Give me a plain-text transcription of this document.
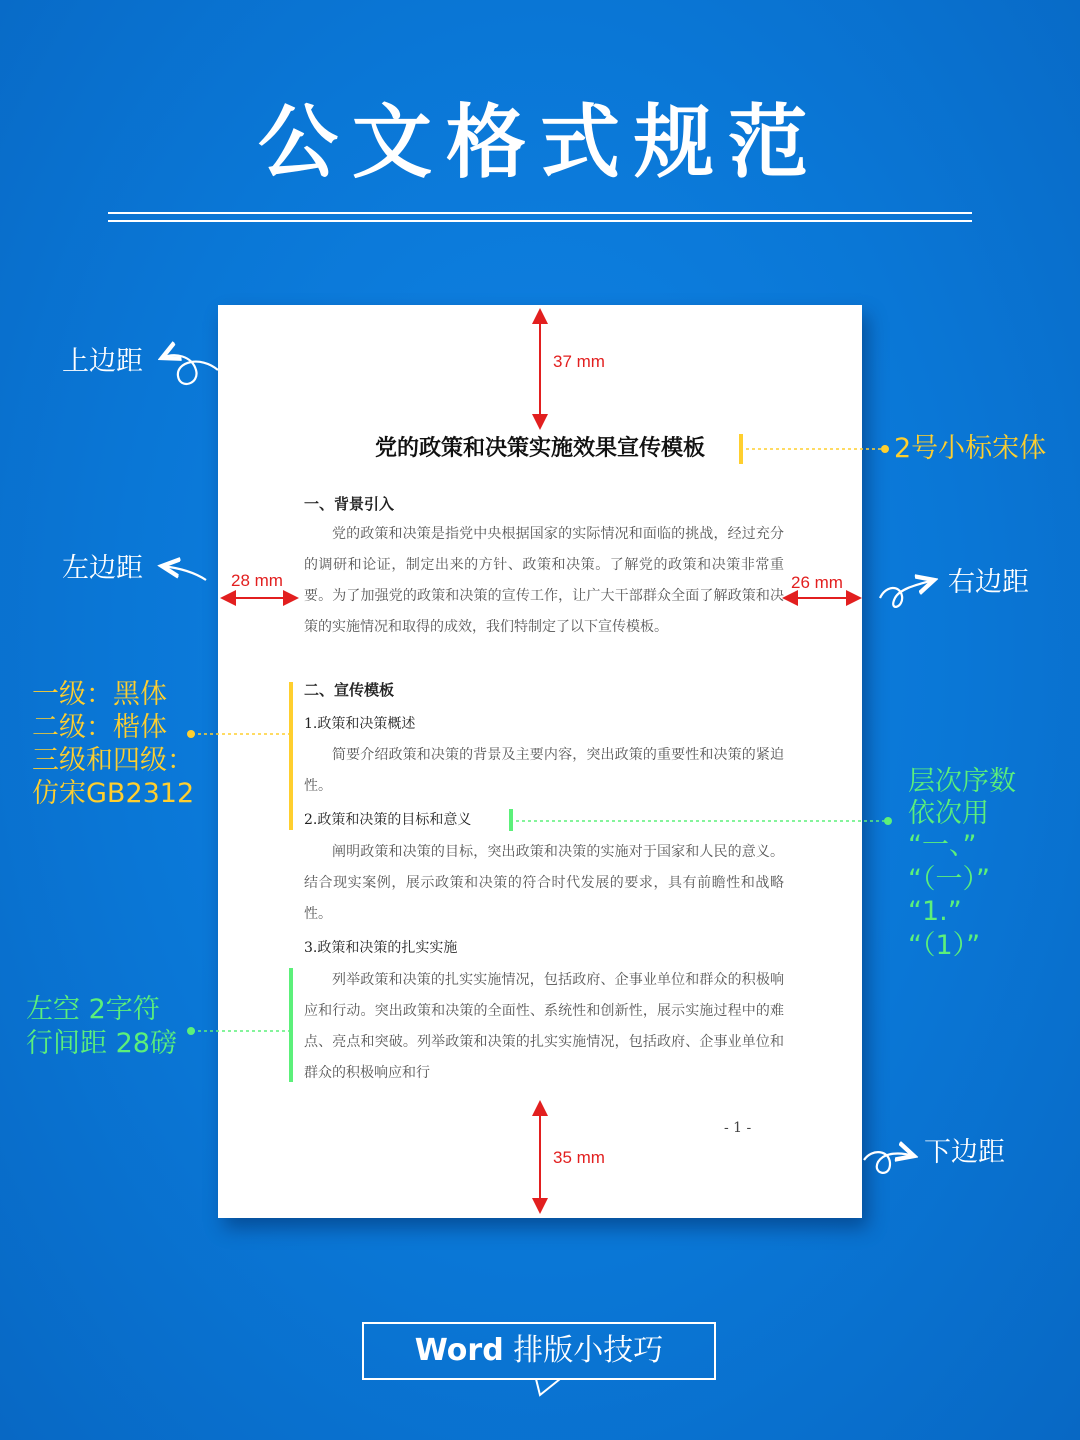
公文格式规范
党的政策和决策实施效果宣传模板
一、背景引入

党的政策和决策是指党中央根据国家的实际情况和面临的挑战，经过充分的调研和论证，制定出来的方针、政策和决策。了解党的政策和决策非常重要。为了加强党的政策和决策的宣传工作，让广大干部群众全面了解政策和决策的实施情况和取得的成效，我们特制定了以下宣传模板。

二、宣传模板
1.政策和决策概述

简要介绍政策和决策的背景及主要内容，突出政策的重要性和决策的紧迫性。

2.政策和决策的目标和意义

阐明政策和决策的目标，突出政策和决策的实施对于国家和人民的意义。结合现实案例，展示政策和决策的符合时代发展的要求，具有前瞻性和战略性。

3.政策和决策的扎实实施

列举政策和决策的扎实实施情况，包括政府、企事业单位和群众的积极响应和行动。突出政策和决策的全面性、系统性和创新性，展示实施过程中的难点、亮点和突破。列举政策和决策的扎实实施情况，包括政府、企事业单位和群众的积极响应和行

- 1 -
37 mm
35 mm
28 mm	26 mm
上边距
左边距	右边距
下边距
2号小标宋体
一级：黑体
二级：楷体
三级和四级：
仿宋GB2312	层次序数
依次用
“一、”
“（一）”
“1.”
“（1）”
左空 2字符
行间距 28磅
Word 排版小技巧
